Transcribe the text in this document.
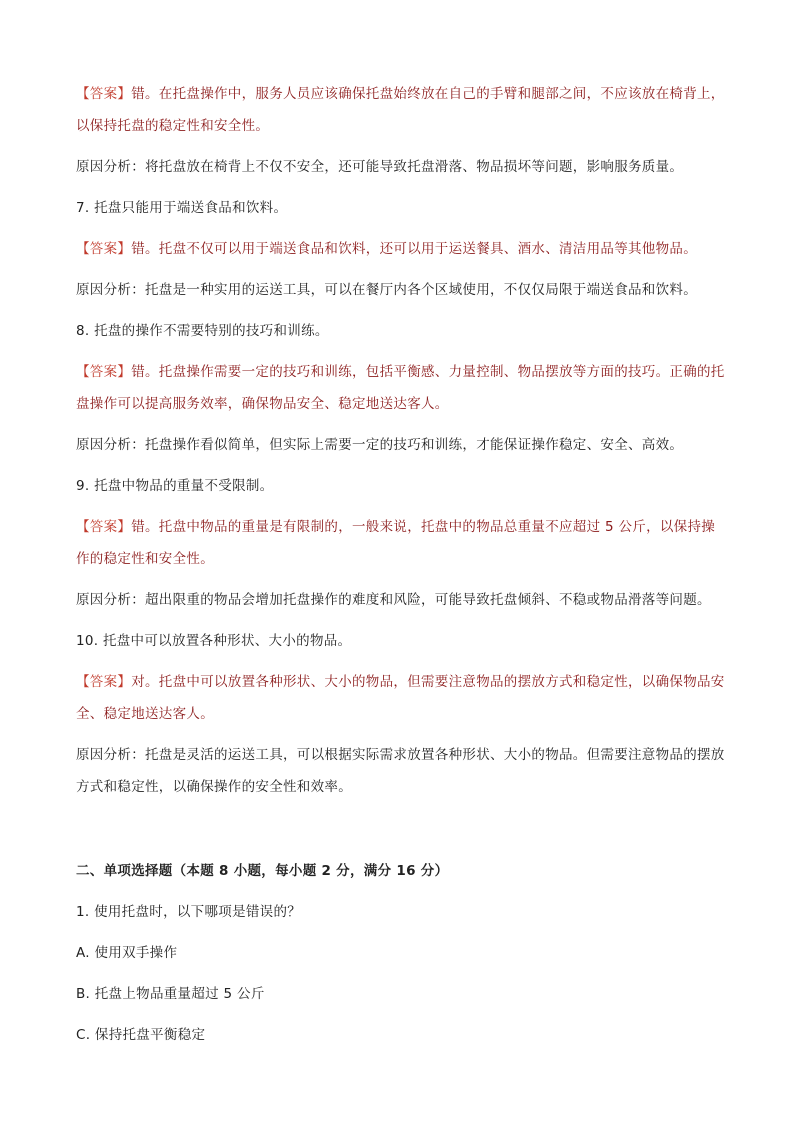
【答案】错。在托盘操作中，服务人员应该确保托盘始终放在自己的手臂和腿部之间，不应该放在椅背上，以保持托盘的稳定性和安全性。

原因分析：将托盘放在椅背上不仅不安全，还可能导致托盘滑落、物品损坏等问题，影响服务质量。

7. 托盘只能用于端送食品和饮料。

【答案】错。托盘不仅可以用于端送食品和饮料，还可以用于运送餐具、酒水、清洁用品等其他物品。

原因分析：托盘是一种实用的运送工具，可以在餐厅内各个区域使用，不仅仅局限于端送食品和饮料。

8. 托盘的操作不需要特别的技巧和训练。

【答案】错。托盘操作需要一定的技巧和训练，包括平衡感、力量控制、物品摆放等方面的技巧。正确的托盘操作可以提高服务效率，确保物品安全、稳定地送达客人。

原因分析：托盘操作看似简单，但实际上需要一定的技巧和训练，才能保证操作稳定、安全、高效。

9. 托盘中物品的重量不受限制。

【答案】错。托盘中物品的重量是有限制的，一般来说，托盘中的物品总重量不应超过 5 公斤，以保持操作的稳定性和安全性。

原因分析：超出限重的物品会增加托盘操作的难度和风险，可能导致托盘倾斜、不稳或物品滑落等问题。

10. 托盘中可以放置各种形状、大小的物品。

【答案】对。托盘中可以放置各种形状、大小的物品，但需要注意物品的摆放方式和稳定性，以确保物品安全、稳定地送达客人。

原因分析：托盘是灵活的运送工具，可以根据实际需求放置各种形状、大小的物品。但需要注意物品的摆放方式和稳定性，以确保操作的安全性和效率。

二、单项选择题（本题 8 小题，每小题 2 分，满分 16 分）

1. 使用托盘时，以下哪项是错误的？

A. 使用双手操作

B. 托盘上物品重量超过 5 公斤

C. 保持托盘平衡稳定
